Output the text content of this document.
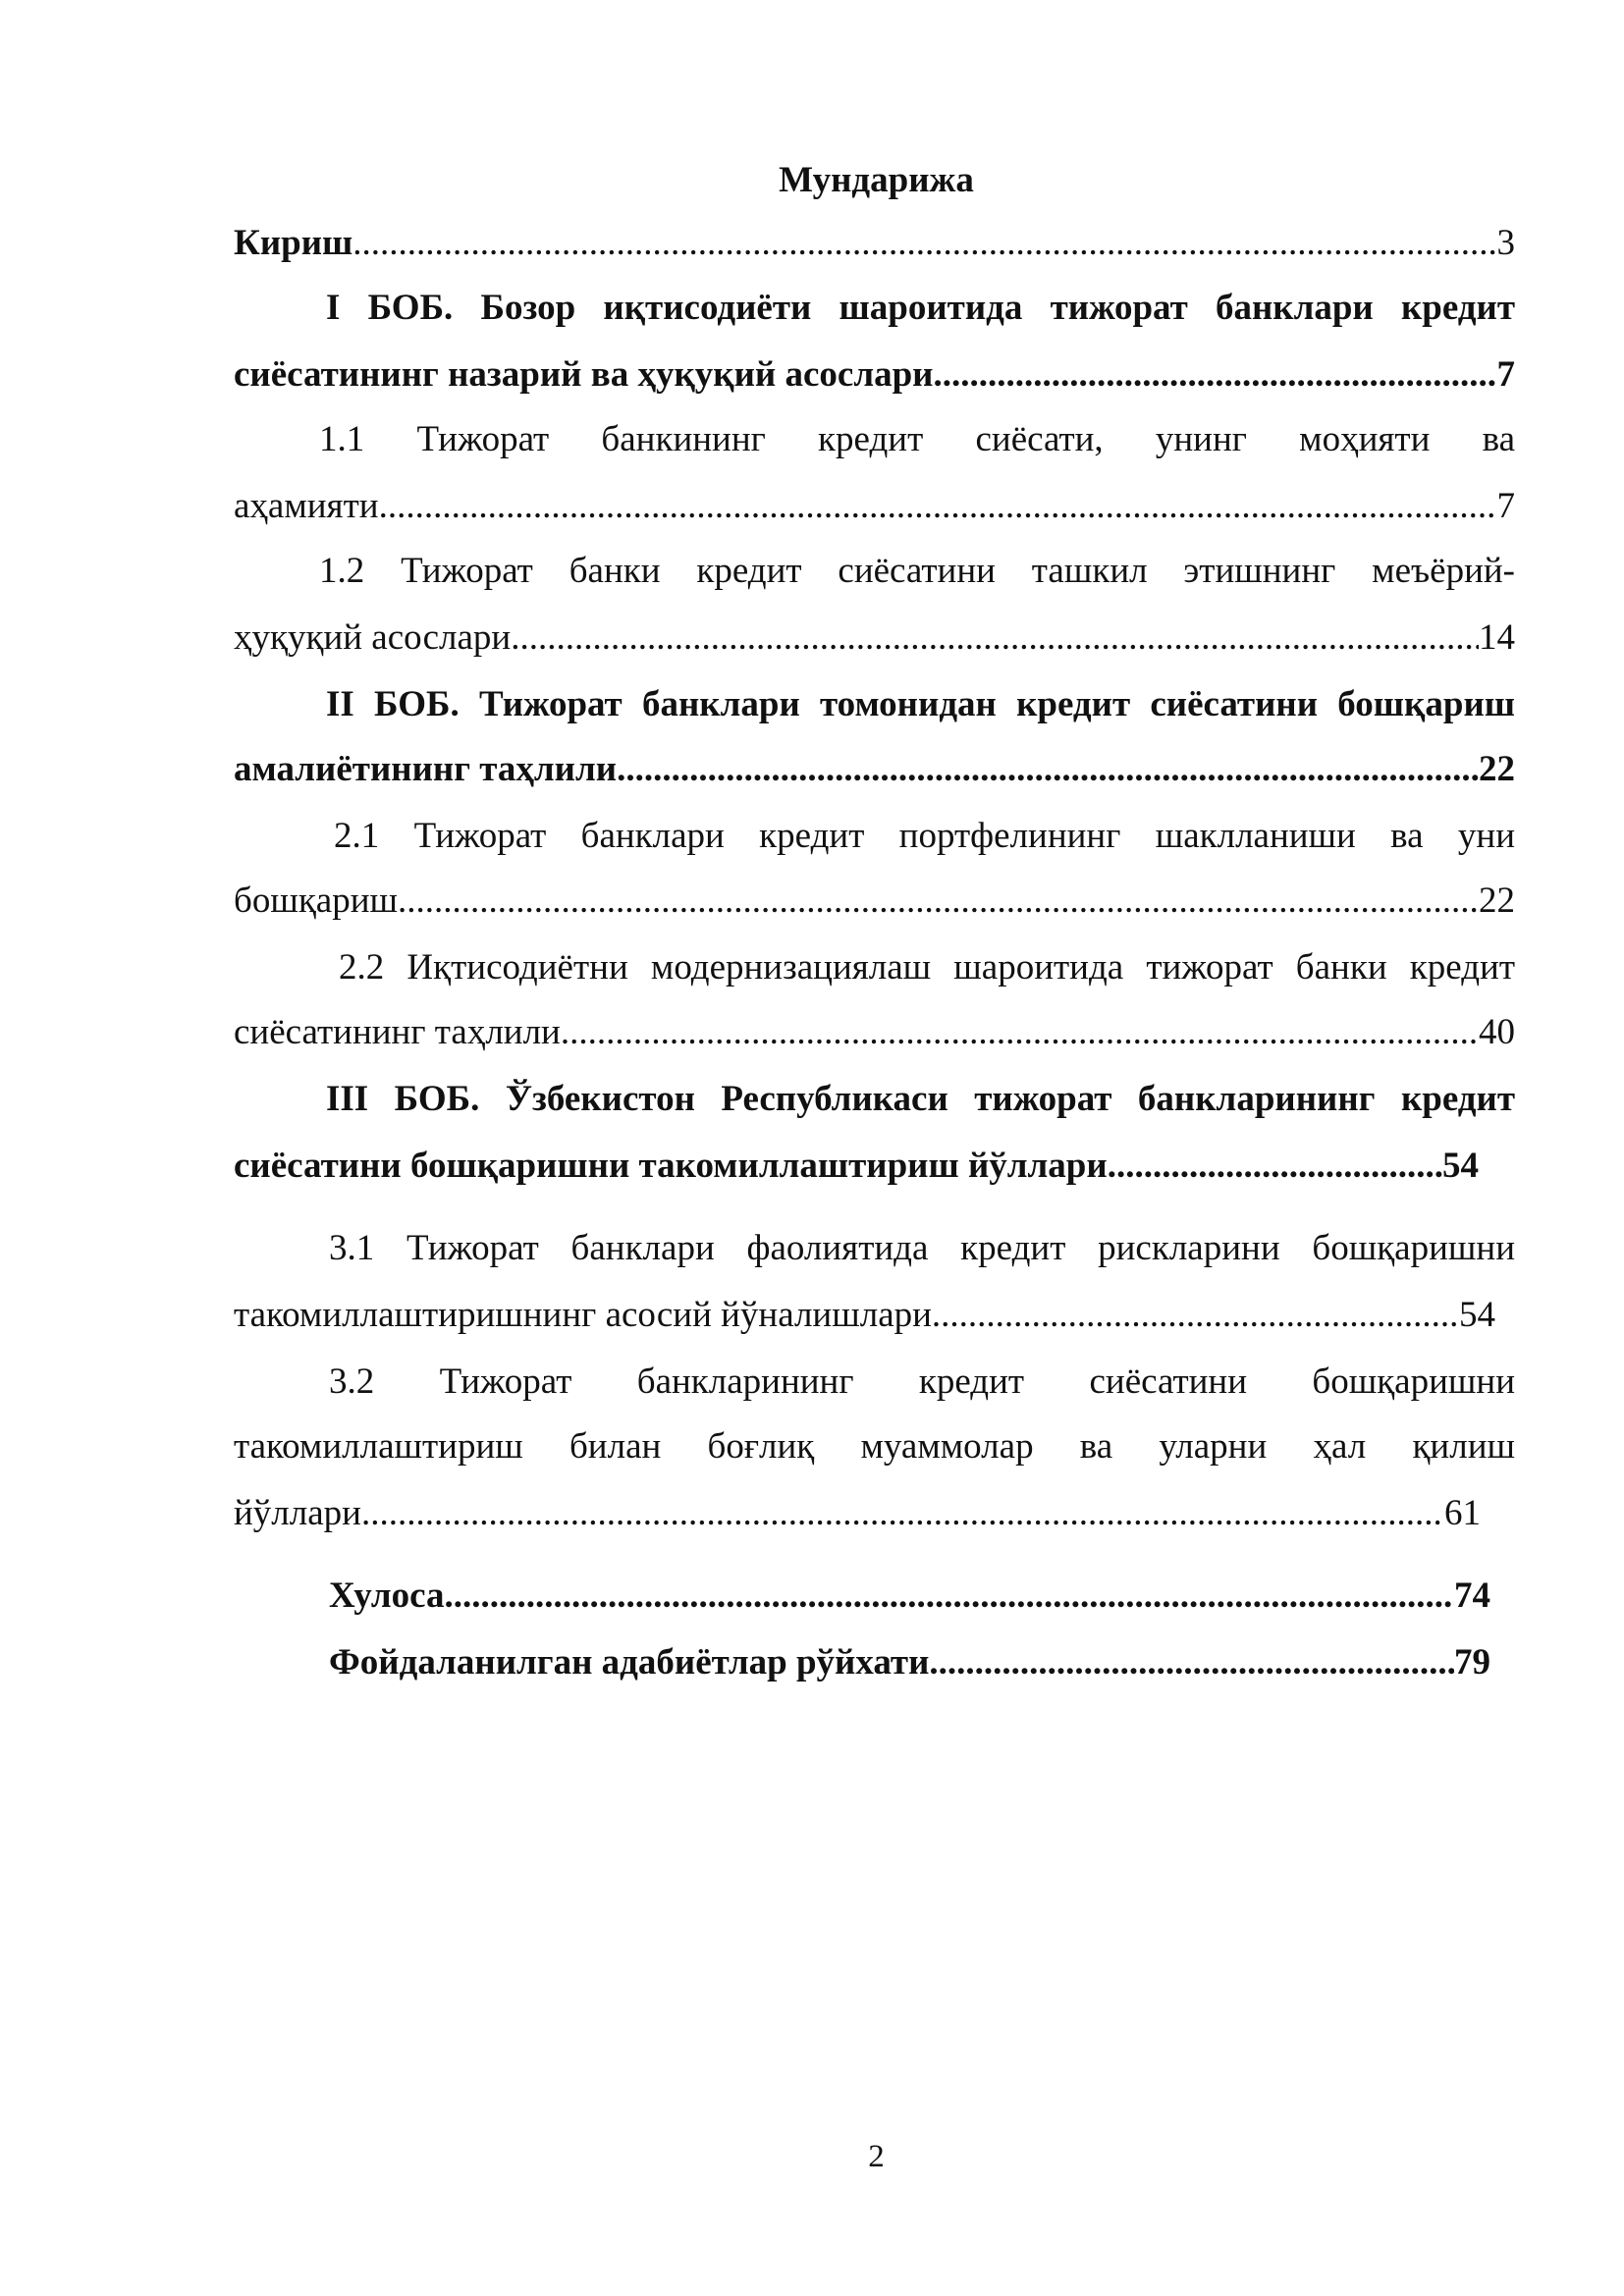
Мундарижа
Кириш .....	3
I БОБ. Бозор иқтисодиёти шароитида тижорат банклари кредит
сиёсатининг назарий ва ҳуқуқий асослари .....	7
1.1 Тижорат банкининг кредит сиёсати, унинг моҳияти ва
аҳамияти .....	7
1.2 Тижорат банки кредит сиёсатини ташкил этишнинг меъёрий-
ҳуқуқий асослари .....	14
II БОБ. Тижорат банклари томонидан кредит сиёсатини бошқариш
амалиётининг таҳлили .....	22
2.1 Тижорат банклари кредит портфелининг шаклланиши ва уни
бошқариш .....	22
2.2 Иқтисодиётни модернизациялаш шароитида тижорат банки кредит
сиёсатининг таҳлили .....	40
III БОБ. Ўзбекистон Республикаси тижорат банкларининг кредит
сиёсатини бошқаришни такомиллаштириш йўллари .....	54
3.1 Тижорат банклари фаолиятида кредит рискларини бошқаришни
такомиллаштиришнинг асосий йўналишлари .....	54
3.2 Тижорат банкларининг кредит сиёсатини бошқаришни
такомиллаштириш билан боғлиқ муаммолар ва уларни ҳал қилиш
йўллари .....	61
Хулоса .....	74
Фойдаланилган адабиётлар рўйхати .....	79
2
